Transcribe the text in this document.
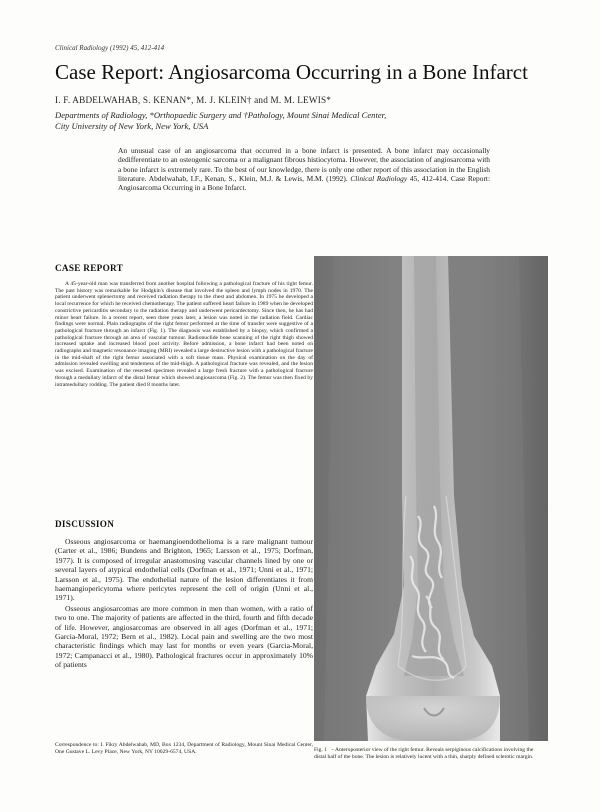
Clinical Radiology (1992) 45, 412-414
Case Report: Angiosarcoma Occurring in a Bone Infarct
I. F. ABDELWAHAB, S. KENAN*, M. J. KLEIN† and M. M. LEWIS*
Departments of Radiology, *Orthopaedic Surgery and †Pathology, Mount Sinai Medical Center,
City University of New York, New York, USA
An unusual case of an angiosarcoma that occurred in a bone infarct is presented. A bone infarct may occasionally dedifferentiate to an osteogenic sarcoma or a malignant fibrous histiocytoma. However, the association of angiosarcoma with a bone infarct is extremely rare. To the best of our knowledge, there is only one other report of this association in the English literature. Abdelwahab, I.F., Kenan, S., Klein, M.J. & Lewis, M.M. (1992). Clinical Radiology 45, 412-414. Case Report: Angiosarcoma Occurring in a Bone Infarct.
CASE REPORT

A 45-year-old man was transferred from another hospital following a pathological fracture of his right femur. The past history was remarkable for Hodgkin's disease that involved the spleen and lymph nodes in 1970. The patient underwent splenectomy and received radiation therapy to the chest and abdomen. In 1975 he developed a local recurrence for which he received chemotherapy. The patient suffered heart failure in 1989 when he developed constrictive pericarditis secondary to the radiation therapy and underwent pericardectomy. Since then, he has had minor heart failure. In a recent report, seen three years later, a lesion was noted in the radiation field. Cardiac findings were normal. Plain radiographs of the right femur performed at the time of transfer were suggestive of a pathological fracture through an infarct (Fig. 1). The diagnosis was established by a biopsy, which confirmed a pathological fracture through an area of vascular tumour. Radionuclide bone scanning of the right thigh showed increased uptake and increased blood pool activity. Before admission, a bone infarct had been noted on radiographs and magnetic resonance imaging (MRI) revealed a large destructive lesion with a pathological fracture in the mid-shaft of the right femur associated with a soft tissue mass. Physical examination on the day of admission revealed swelling and tenderness of the mid-thigh. A pathological fracture was revealed, and the lesion was excised. Examination of the resected specimen revealed a large fresh fracture with a pathological fracture through a medullary infarct of the distal femur which showed angiosarcoma (Fig. 2). The femur was then fixed by intramedullary rodding. The patient died 8 months later.

DISCUSSION

Osseous angiosarcoma or haemangioendothelioma is a rare malignant tumour (Carter et al., 1986; Bundens and Brighton, 1965; Larsson et al., 1975; Dorfman, 1977). It is composed of irregular anastomosing vascular channels lined by one or several layers of atypical endothelial cells (Dorfman et al., 1971; Unni et al., 1971; Larsson et al., 1975). The endothelial nature of the lesion differentiates it from haemangiopericytoma where pericytes represent the cell of origin (Unni et al., 1971).

Osseous angiosarcomas are more common in men than women, with a ratio of two to one. The majority of patients are affected in the third, fourth and fifth decade of life. However, angiosarcomas are observed in all ages (Dorfman et al., 1971; Garcia-Moral, 1972; Bern et al., 1982). Local pain and swelling are the two most characteristic findings which may last for months or even years (Garcia-Moral, 1972; Campanacci et al., 1980). Pathological fractures occur in approximately 10% of patients

Correspondence to: I. Fikry Abdelwahab, MD, Box 1234, Department of Radiology, Mount Sinai Medical Center, One Gustave L. Levy Place, New York, NY 10029-6574, USA.	Fig. 1 – Anteroposterior view of the right femur. Reveals serpiginous calcifications involving the distal half of the bone. The lesion is relatively lucent with a thin, sharply defined sclerotic margin.
